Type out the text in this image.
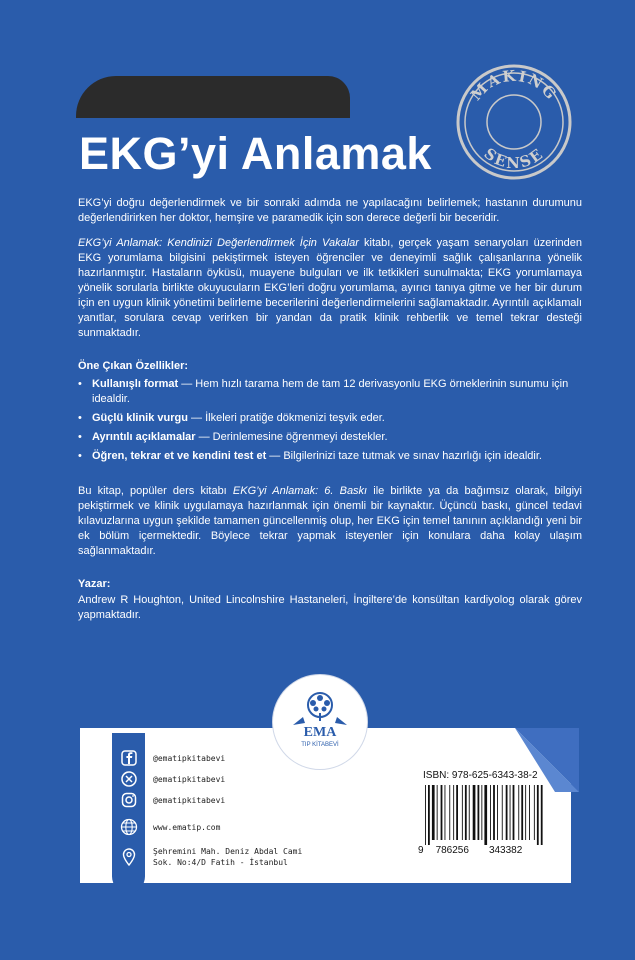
MAKING
SENSE
EKG’yi Anlamak

EKG’yi doğru değerlendirmek ve bir sonraki adımda ne yapılacağını belirlemek; hastanın durumunu değerlendirirken her doktor, hemşire ve paramedik için son derece değerli bir beceridir.

EKG’yi Anlamak: Kendinizi Değerlendirmek İçin Vakalar kitabı, gerçek yaşam senaryoları üzerinden EKG yorumlama bilgisini pekiştirmek isteyen öğrenciler ve deneyimli sağlık çalışanlarına yönelik hazırlanmıştır. Hastaların öyküsü, muayene bulguları ve ilk tetkikleri sunulmakta; EKG yorumlamaya yönelik sorularla birlikte okuyucuların EKG’leri doğru yorumlama, ayırıcı tanıya gitme ve her bir durum için en uygun klinik yönetimi belirleme becerilerini değerlendirmelerini sağlamaktadır. Ayrıntılı açıklamalı yanıtlar, sorulara cevap verirken bir yandan da pratik klinik rehberlik ve temel tekrar desteği sunmaktadır.

Öne Çıkan Özellikler:
• Kullanışlı format — Hem hızlı tarama hem de tam 12 derivasyonlu EKG örneklerinin sunumu için idealdir.
• Güçlü klinik vurgu — İlkeleri pratiğe dökmenizi teşvik eder.
• Ayrıntılı açıklamalar — Derinlemesine öğrenmeyi destekler.
• Öğren, tekrar et ve kendini test et — Bilgilerinizi taze tutmak ve sınav hazırlığı için idealdir.

Bu kitap, popüler ders kitabı EKG’yi Anlamak: 6. Baskı ile birlikte ya da bağımsız olarak, bilgiyi pekiştirmek ve klinik uygulamaya hazırlanmak için önemli bir kaynaktır. Üçüncü baskı, güncel tedavi kılavuzlarına uygun şekilde tamamen güncellenmiş olup, her EKG için temel tanının açıklandığı yeni bir ek bölüm içermektedir. Böylece tekrar yapmak isteyenler için konulara daha kolay ulaşım sağlanmaktadır.

Yazar:

Andrew R Houghton, United Lincolnshire Hastaneleri, İngiltere’de konsültan kardiyolog olarak görev yapmaktadır.

EMA
TIP KİTABEVİ
@ematipkitabevi
@ematipkitabevi
@ematipkitabevi
www.ematip.com
Şehremini Mah. Deniz Abdal Cami Sok. No:4/D Fatih - İstanbul
ISBN: 978-625-6343-38-2
9 786256 343382
